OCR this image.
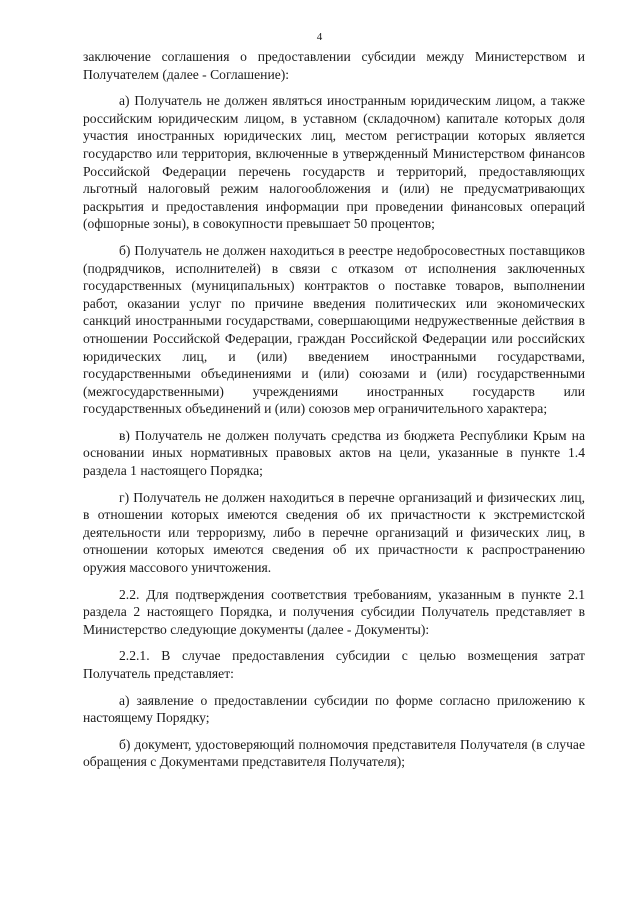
4

заключение соглашения о предоставлении субсидии между Министерством и Получателем (далее - Соглашение):

а) Получатель не должен являться иностранным юридическим лицом, а также российским юридическим лицом, в уставном (складочном) капитале которых доля участия иностранных юридических лиц, местом регистрации которых является государство или территория, включенные в утвержденный Министерством финансов Российской Федерации перечень государств и территорий, предоставляющих льготный налоговый режим налогообложения и (или) не предусматривающих раскрытия и предоставления информации при проведении финансовых операций (офшорные зоны), в совокупности превышает 50 процентов;

б) Получатель не должен находиться в реестре недобросовестных поставщиков (подрядчиков, исполнителей) в связи с отказом от исполнения заключенных государственных (муниципальных) контрактов о поставке товаров, выполнении работ, оказании услуг по причине введения политических или экономических санкций иностранными государствами, совершающими недружественные действия в отношении Российской Федерации, граждан Российской Федерации или российских юридических лиц, и (или) введением иностранными государствами, государственными объединениями и (или) союзами и (или) государственными (межгосударственными) учреждениями иностранных государств или государственных объединений и (или) союзов мер ограничительного характера;

в) Получатель не должен получать средства из бюджета Республики Крым на основании иных нормативных правовых актов на цели, указанные в пункте 1.4 раздела 1 настоящего Порядка;

г) Получатель не должен находиться в перечне организаций и физических лиц, в отношении которых имеются сведения об их причастности к экстремистской деятельности или терроризму, либо в перечне организаций и физических лиц, в отношении которых имеются сведения об их причастности к распространению оружия массового уничтожения.

2.2. Для подтверждения соответствия требованиям, указанным в пункте 2.1 раздела 2 настоящего Порядка, и получения субсидии Получатель представляет в Министерство следующие документы (далее - Документы):

2.2.1. В случае предоставления субсидии с целью возмещения затрат Получатель представляет:

а) заявление о предоставлении субсидии по форме согласно приложению к настоящему Порядку;

б) документ, удостоверяющий полномочия представителя Получателя (в случае обращения с Документами представителя Получателя);
